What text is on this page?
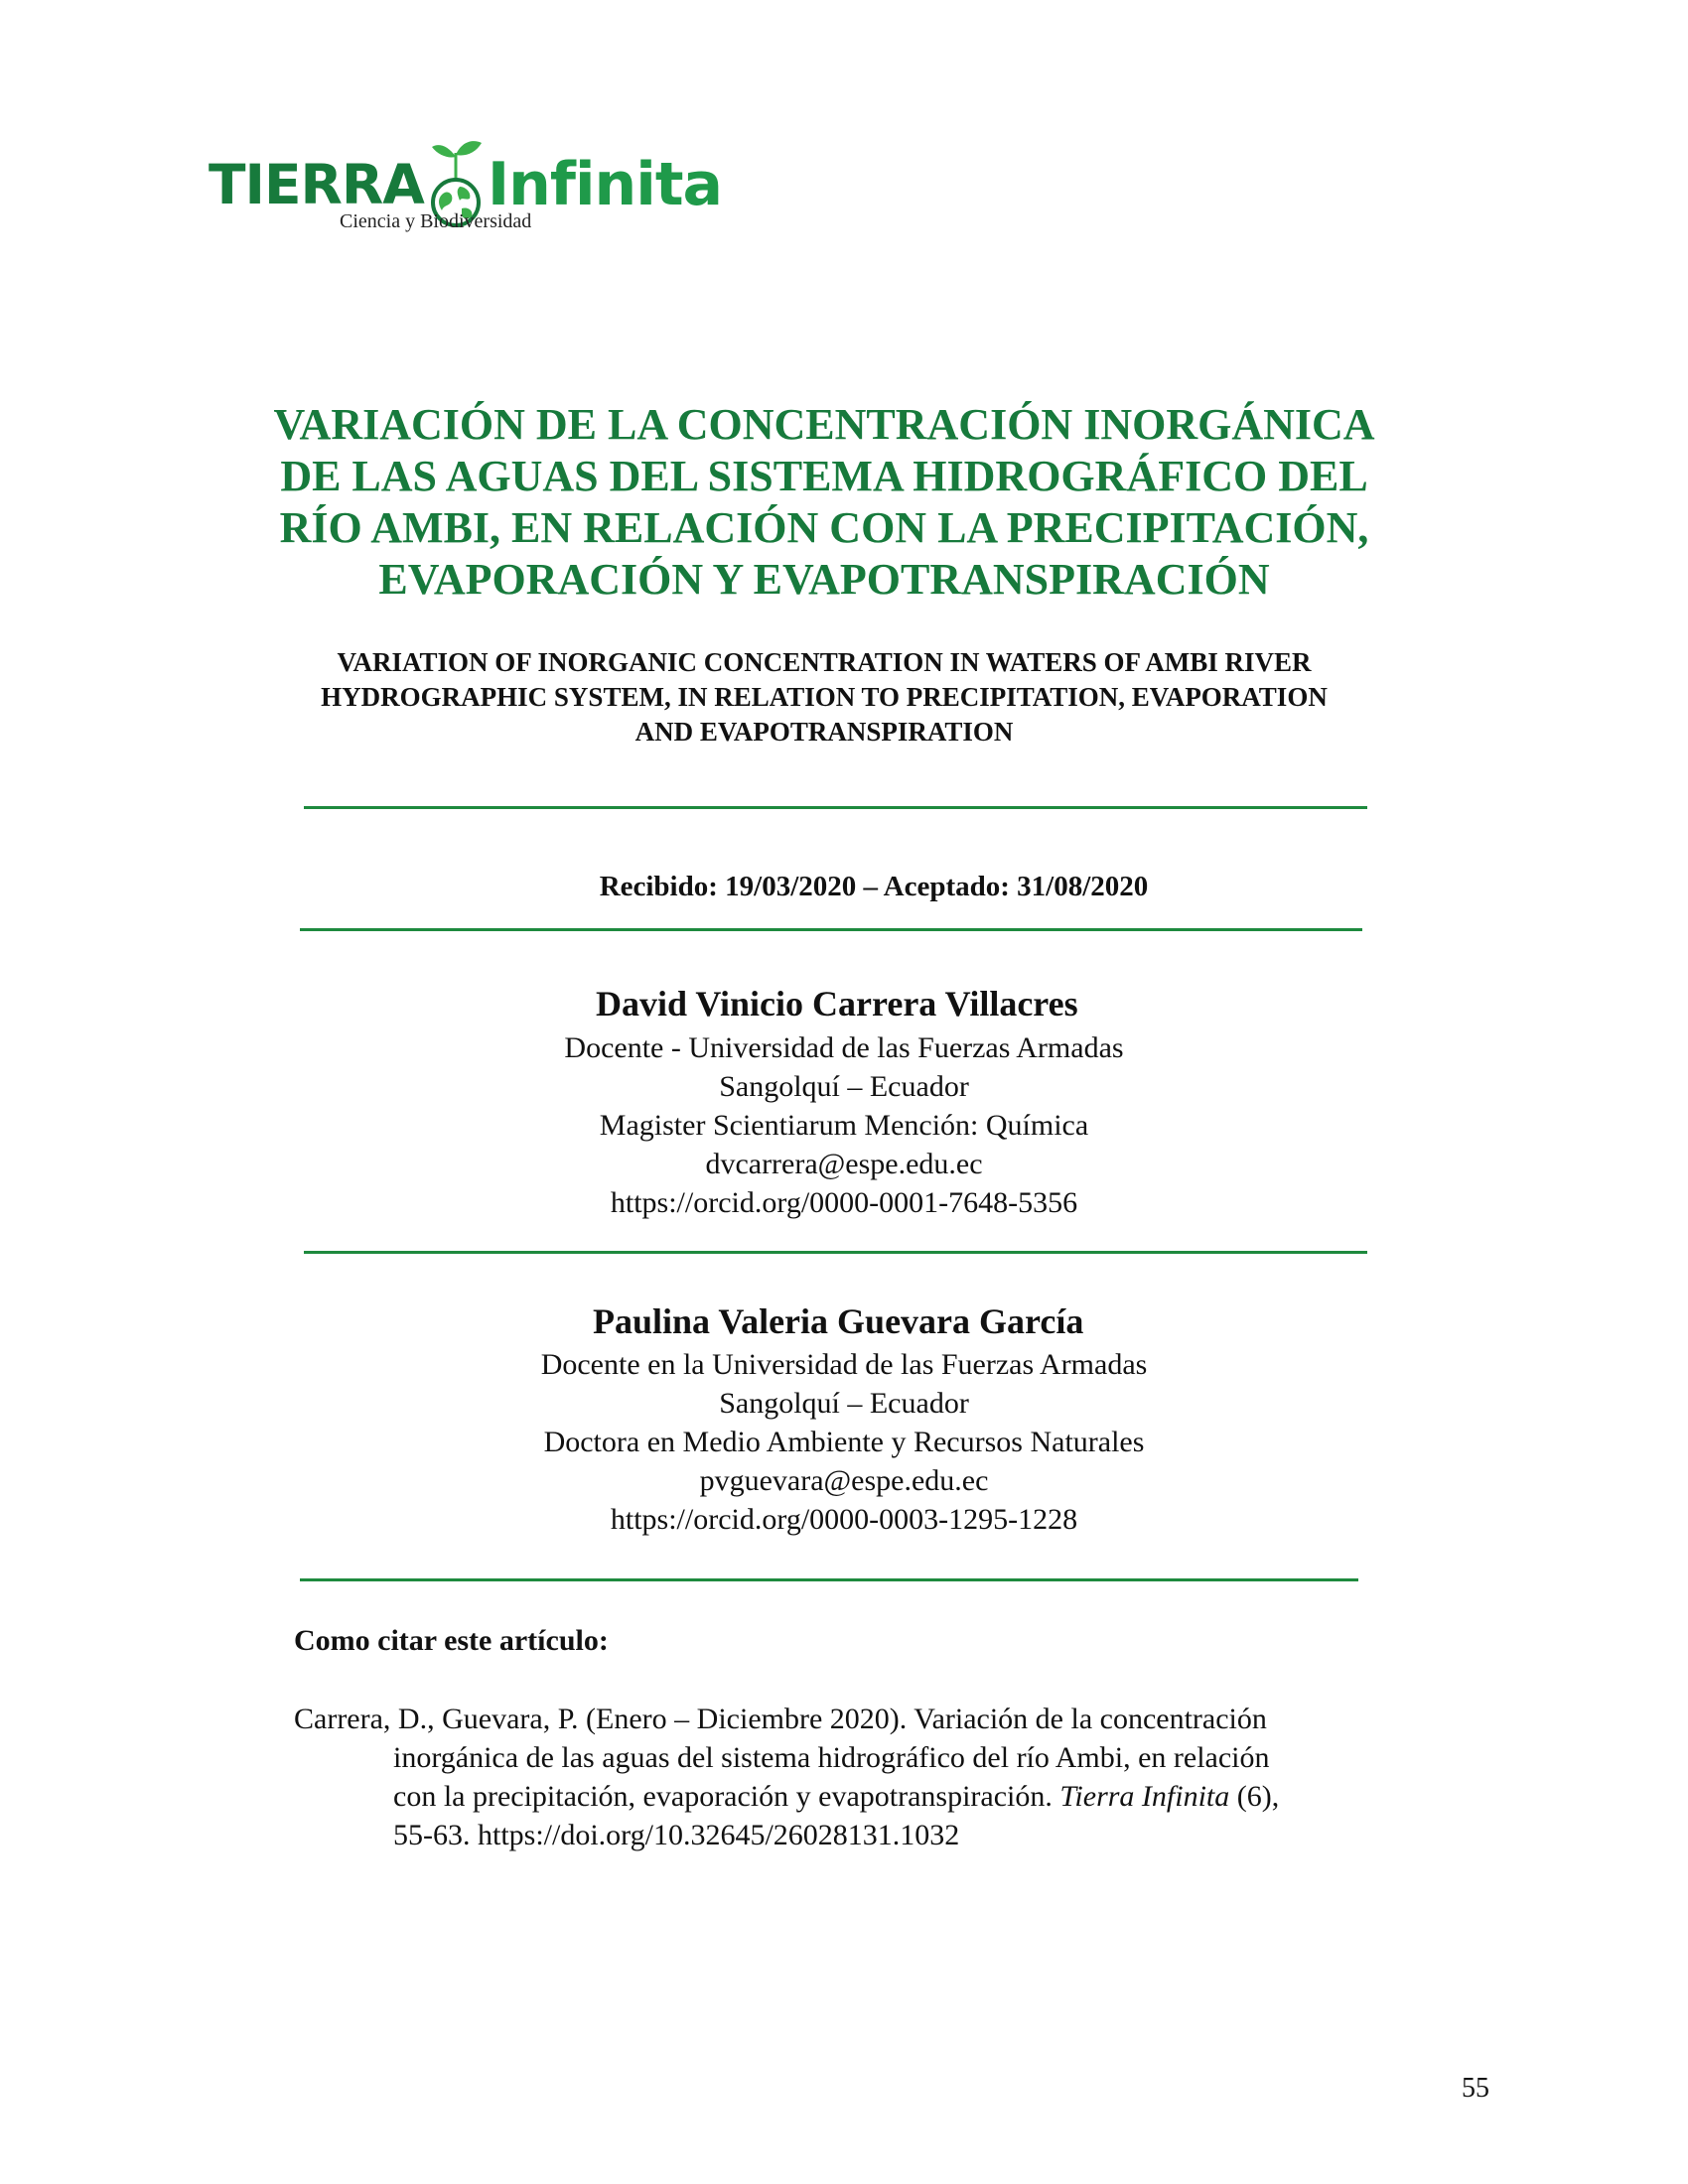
TIERRA Infinita
Ciencia y Biodiversidad
VARIACIÓN DE LA CONCENTRACIÓN INORGÁNICA
DE LAS AGUAS DEL SISTEMA HIDROGRÁFICO DEL
RÍO AMBI, EN RELACIÓN CON LA PRECIPITACIÓN,
EVAPORACIÓN Y EVAPOTRANSPIRACIÓN
VARIATION OF INORGANIC CONCENTRATION IN WATERS OF AMBI RIVER
HYDROGRAPHIC SYSTEM, IN RELATION TO PRECIPITATION, EVAPORATION
AND EVAPOTRANSPIRATION
Recibido: 19/03/2020 – Aceptado: 31/08/2020
David Vinicio Carrera Villacres
Docente - Universidad de las Fuerzas Armadas
Sangolquí – Ecuador
Magister Scientiarum Mención: Química
dvcarrera@espe.edu.ec
https://orcid.org/0000-0001-7648-5356
Paulina Valeria Guevara García
Docente en la Universidad de las Fuerzas Armadas
Sangolquí – Ecuador
Doctora en Medio Ambiente y Recursos Naturales
pvguevara@espe.edu.ec
https://orcid.org/0000-0003-1295-1228
Como citar este artículo:
Carrera, D., Guevara, P. (Enero – Diciembre 2020). Variación de la concentración
inorgánica de las aguas del sistema hidrográfico del río Ambi, en relación
con la precipitación, evaporación y evapotranspiración. Tierra Infinita (6),
55-63. https://doi.org/10.32645/26028131.1032
55
